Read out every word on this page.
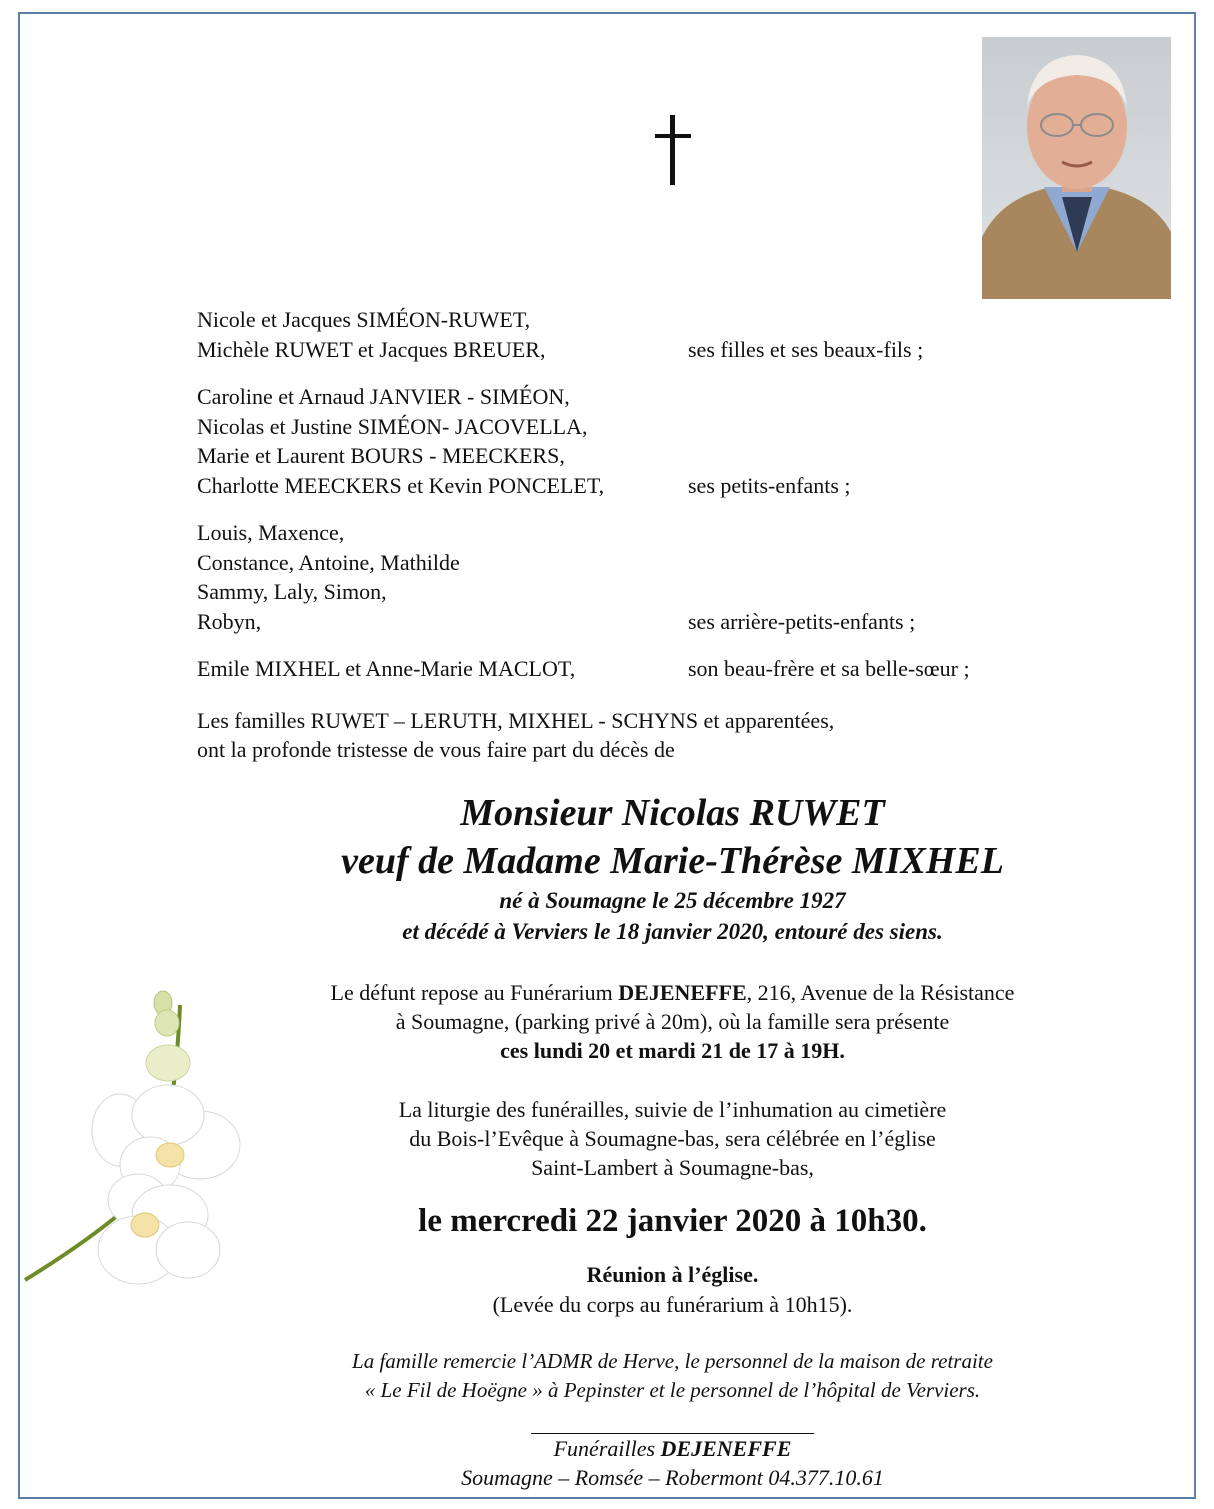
Nicole et Jacques SIMÉON-RUWET,
Michèle RUWET et Jacques BREUER,	ses filles et ses beaux-fils ;
Caroline et Arnaud JANVIER - SIMÉON,
Nicolas et Justine SIMÉON- JACOVELLA,
Marie et Laurent BOURS - MEECKERS,
Charlotte MEECKERS et Kevin PONCELET,	ses petits-enfants ;
Louis, Maxence,
Constance, Antoine, Mathilde
Sammy, Laly, Simon,
Robyn,	ses arrière-petits-enfants ;
Emile MIXHEL et Anne-Marie MACLOT,	son beau-frère et sa belle-sœur ;
Les familles RUWET – LERUTH, MIXHEL - SCHYNS et apparentées,
ont la profonde tristesse de vous faire part du décès de
Monsieur Nicolas RUWET
veuf de Madame Marie-Thérèse MIXHEL
né à Soumagne le 25 décembre 1927
et décédé à Verviers le 18 janvier 2020, entouré des siens.
Le défunt repose au Funérarium DEJENEFFE, 216, Avenue de la Résistance
à Soumagne, (parking privé à 20m), où la famille sera présente
ces lundi 20 et mardi 21 de 17 à 19H.
La liturgie des funérailles, suivie de l’inhumation au cimetière
du Bois-l’Evêque à Soumagne-bas, sera célébrée en l’église
Saint-Lambert à Soumagne-bas,
le mercredi 22 janvier 2020 à 10h30.
Réunion à l’église.
(Levée du corps au funérarium à 10h15).
La famille remercie l’ADMR de Herve, le personnel de la maison de retraite
« Le Fil de Hoëgne » à Pepinster et le personnel de l’hôpital de Verviers.
Funérailles DEJENEFFE
Soumagne – Romsée – Robermont 04.377.10.61
